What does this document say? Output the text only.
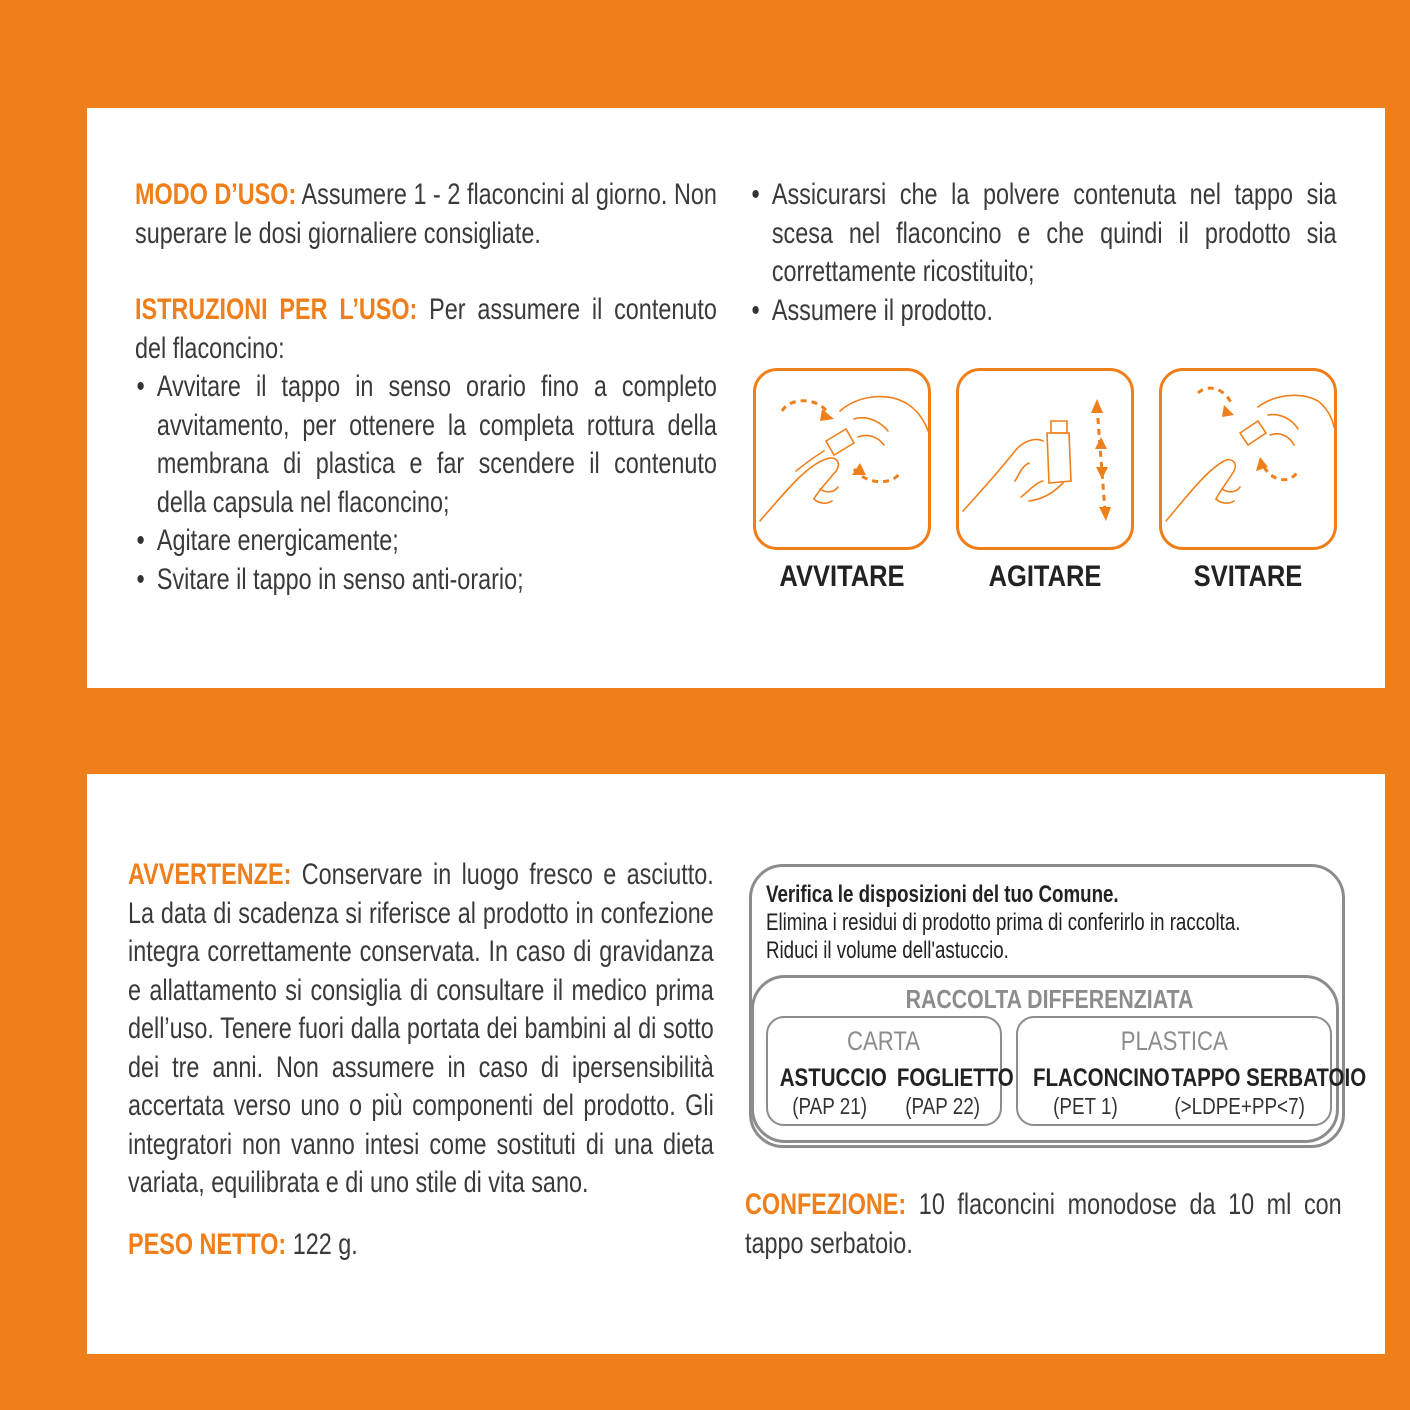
MODO D’USO: Assumere 1 - 2 flaconcini al giorno. Non superare le dosi giornaliere consigliate.
ISTRUZIONI PER L’USO: Per assumere il contenuto del flaconcino:
• Avvitare il tappo in senso orario fino a completo avvitamento, per ottenere la completa rottura della membrana di plastica e far scendere il contenuto della capsula nel flaconcino;
• Agitare energicamente;
• Svitare il tappo in senso anti-orario;
• Assicurarsi che la polvere contenuta nel tappo sia scesa nel flaconcino e che quindi il prodotto sia correttamente ricostituito;
• Assumere il prodotto.
AVVITARE	AGITARE	SVITARE
AVVERTENZE: Conservare in luogo fresco e asciutto. La data di scadenza si riferisce al prodotto in confezione integra correttamente conservata. In caso di gravidanza e allattamento si consiglia di consultare il medico prima dell’uso. Tenere fuori dalla portata dei bambini al di sotto dei tre anni. Non assumere in caso di ipersensibilità accertata verso uno o più componenti del prodotto. Gli integratori non vanno intesi come sostituti di una dieta variata, equilibrata e di uno stile di vita sano.
PESO NETTO: 122 g.
Verifica le disposizioni del tuo Comune.
Elimina i residui di prodotto prima di conferirlo in raccolta.
Riduci il volume dell'astuccio.
RACCOLTA DIFFERENZIATA
CARTA
ASTUCCIO
(PAP 21)
FOGLIETTO
(PAP 22)
PLASTICA
FLACONCINO
(PET 1)
TAPPO SERBATOIO
(>LDPE+PP<7)
CONFEZIONE: 10 flaconcini monodose da 10 ml con tappo serbatoio.
